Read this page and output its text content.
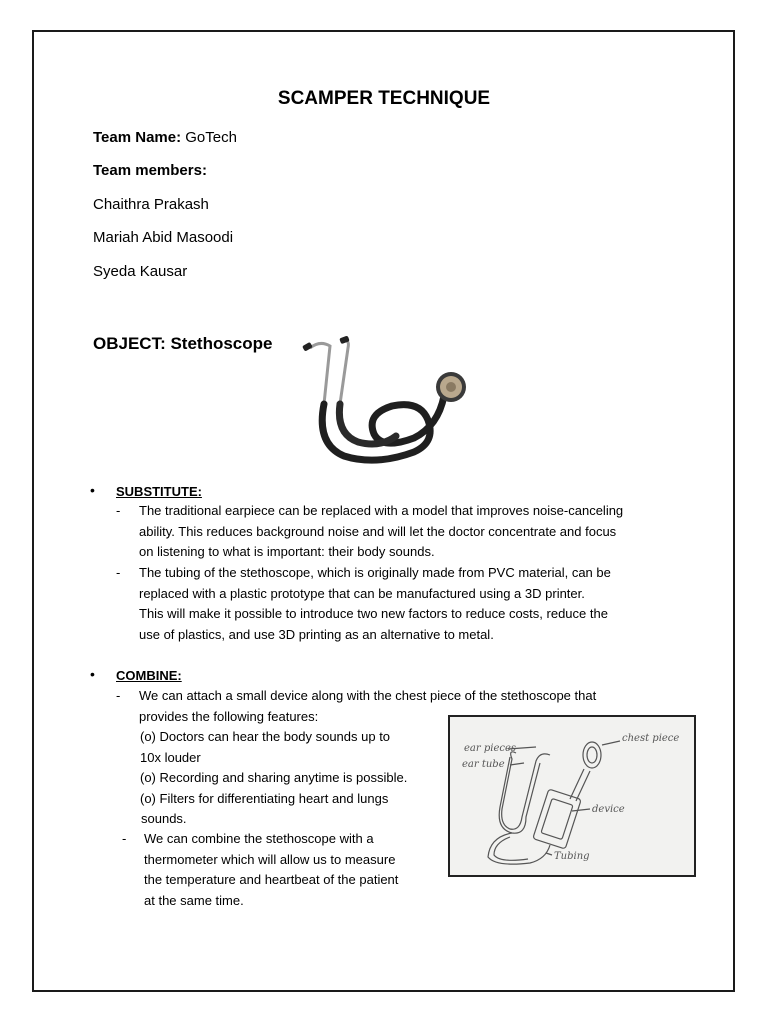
SCAMPER TECHNIQUE
Team Name: GoTech
Team members:
Chaithra Prakash
Mariah Abid Masoodi
Syeda Kausar
OBJECT: Stethoscope
• SUBSTITUTE:
- The traditional earpiece can be replaced with a model that improves noise-canceling
ability. This reduces background noise and will let the doctor concentrate and focus
on listening to what is important: their body sounds.
- The tubing of the stethoscope, which is originally made from PVC material, can be
replaced with a plastic prototype that can be manufactured using a 3D printer.
This will make it possible to introduce two new factors to reduce costs, reduce the
use of plastics, and use 3D printing as an alternative to metal.
• COMBINE:
- We can attach a small device along with the chest piece of the stethoscope that
provides the following features:
(o) Doctors can hear the body sounds up to
10x louder
(o) Recording and sharing anytime is possible.
(o) Filters for differentiating heart and lungs
sounds.
- We can combine the stethoscope with a
thermometer which will allow us to measure
the temperature and heartbeat of the patient
at the same time.
ear pieces
ear tube
chest piece
device
Tubing
